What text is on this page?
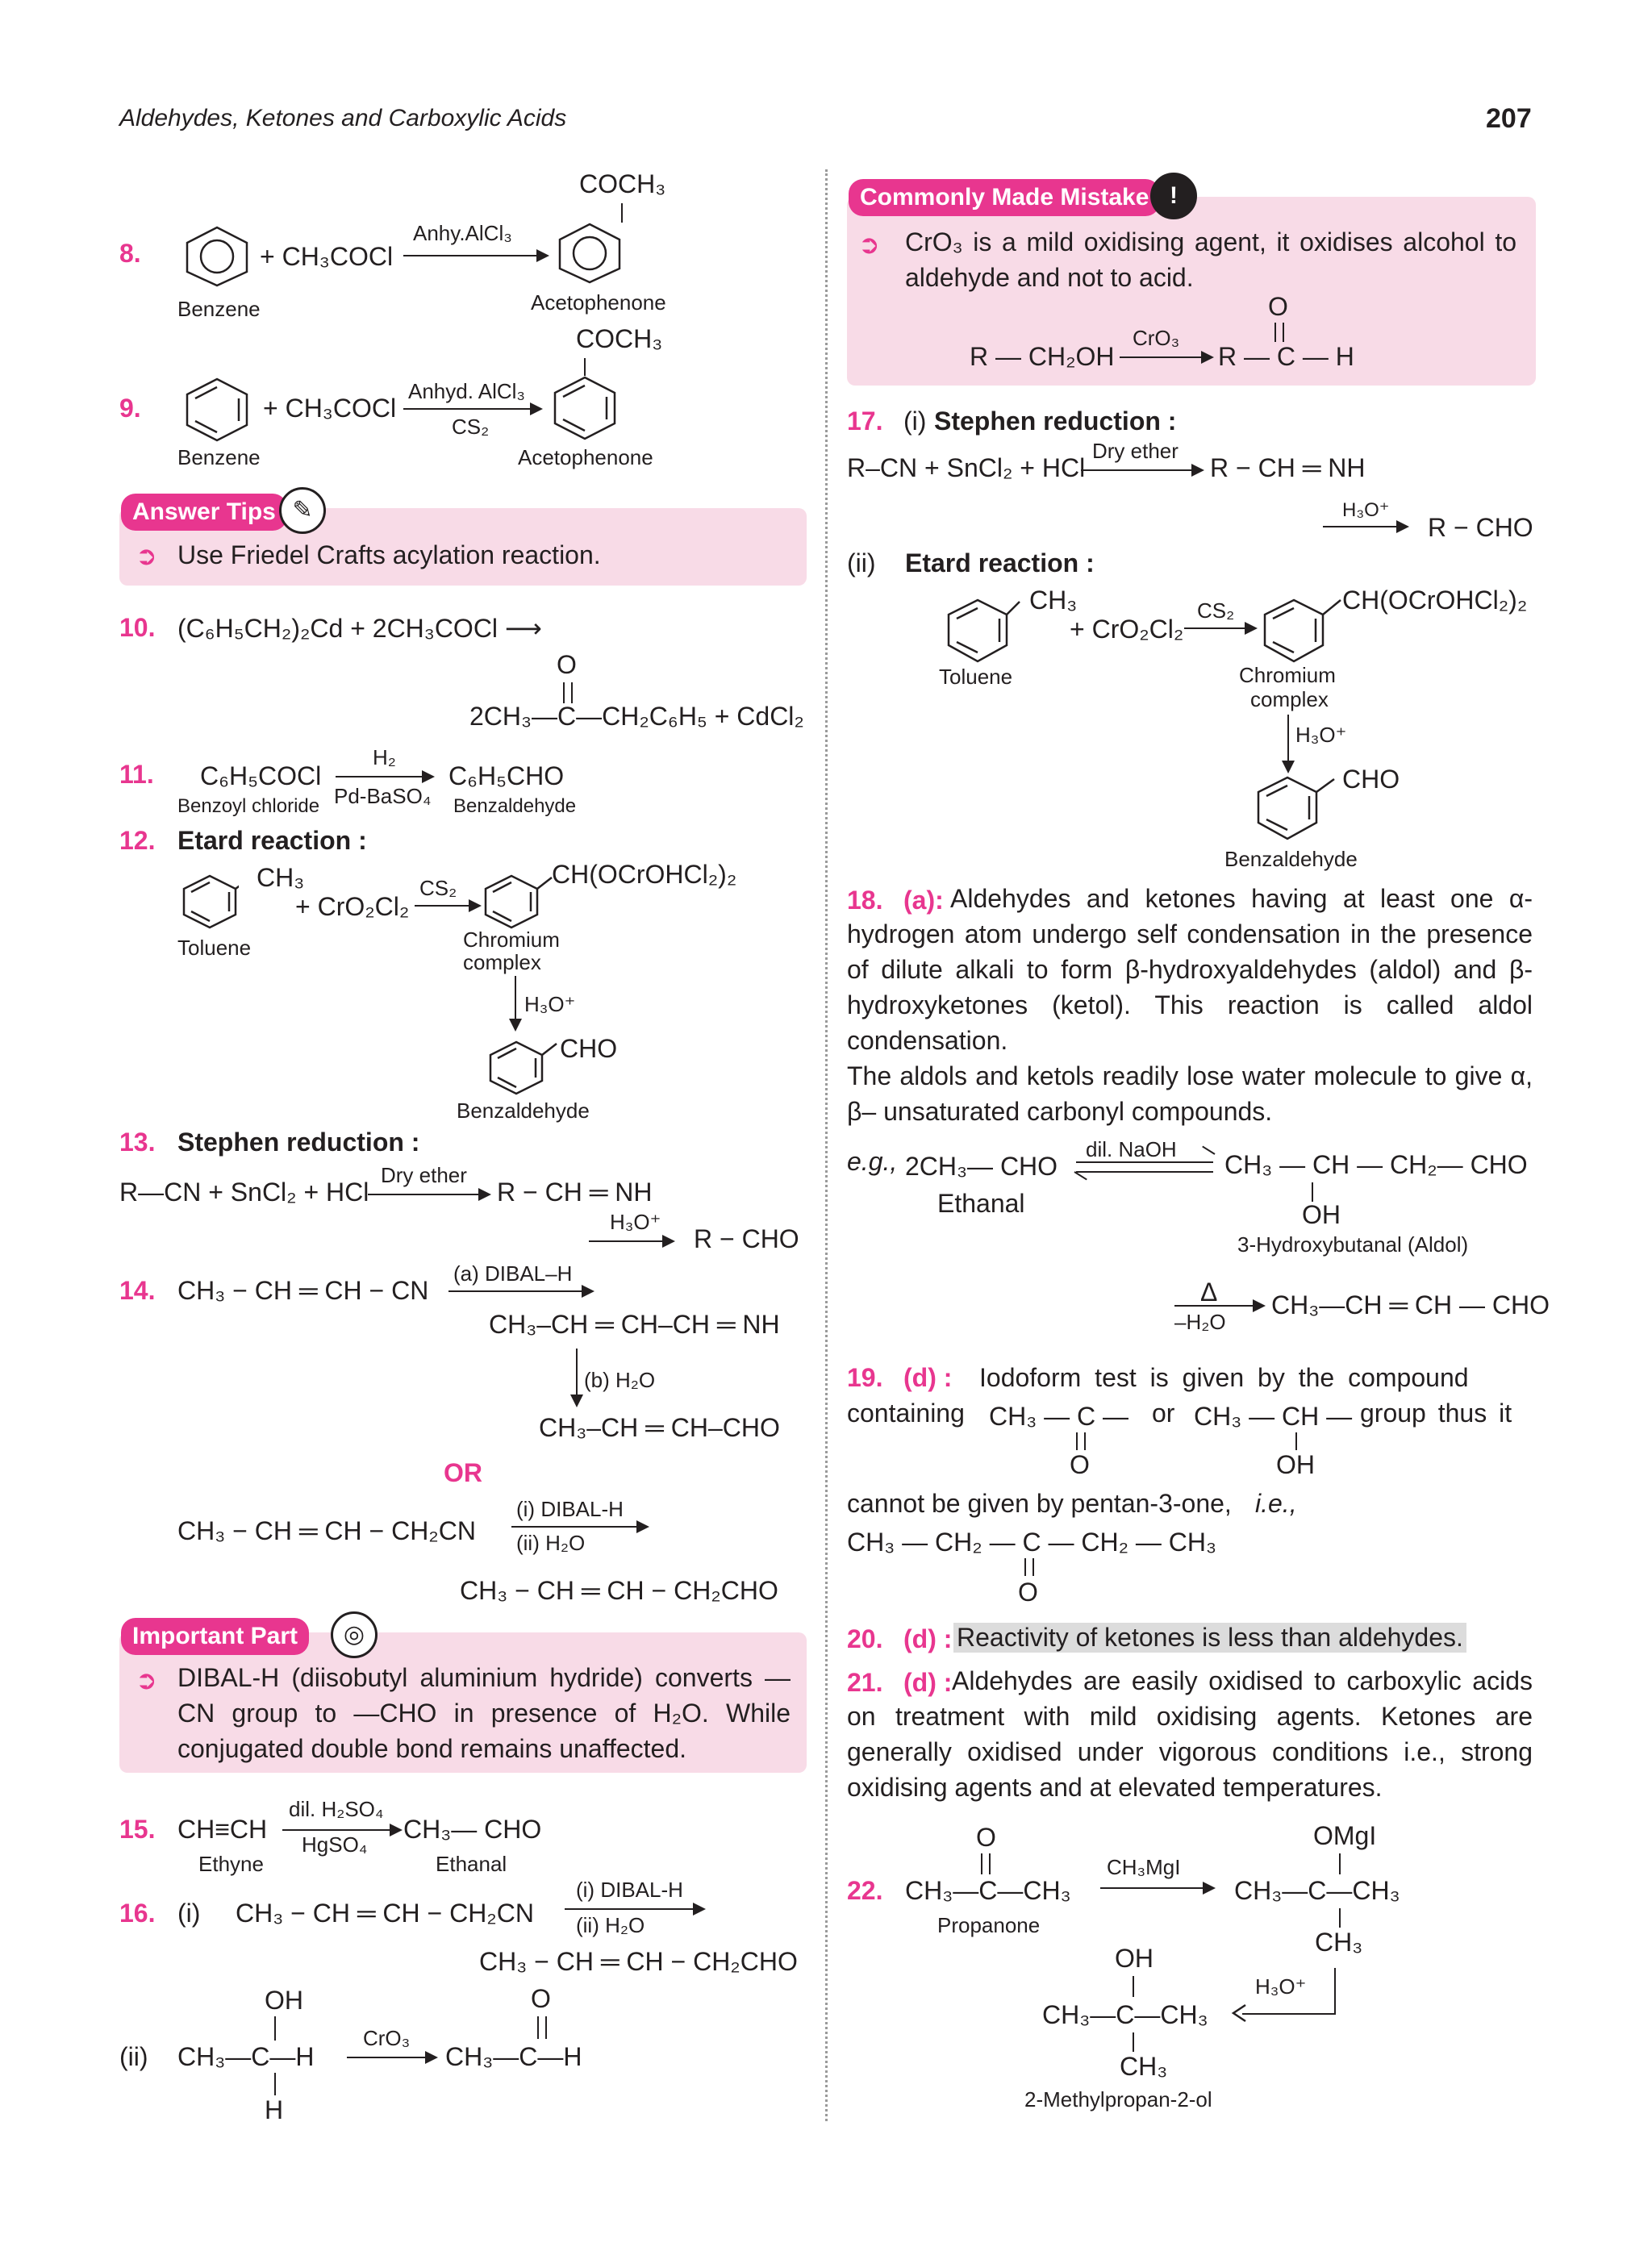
Aldehydes, Ketones and Carboxylic Acids	207
8.	+ CH₃COCl
Anhy.AlCl₃
COCH₃
Benzene	Acetophenone
9.	+ CH₃COCl
Anhyd. AlCl₃
CS₂
COCH₃
Benzene	Acetophenone
Answer Tips ✎
➲ Use Friedel Crafts acylation reaction.
10. (C₆H₅CH₂)₂Cd + 2CH₃COCl ⟶
O
2CH₃—C—CH₂C₆H₅ + CdCl₂
11. C₆H₅COCl
H₂
Pd-BaSO₄
C₆H₅CHO
Benzoyl chloride	Benzaldehyde
12. Etard reaction :
CH₃
+ CrO₂Cl₂
CS₂	CH(OCrOHCl₂)₂
Toluene	Chromium
complex
H₃O⁺
CHO
Benzaldehyde
13. Stephen reduction :
R—CN + SnCl₂ + HCl
Dry ether
R − CH ═ NH
H₃O⁺
R − CHO
14. CH₃ − CH ═ CH − CN
(a) DIBAL–H
CH₃–CH ═ CH–CH ═ NH
(b) H₂O
CH₃–CH ═ CH–CHO
OR
CH₃ − CH ═ CH − CH₂CN
(i) DIBAL-H
(ii) H₂O
CH₃ − CH ═ CH − CH₂CHO
Important Part	◎
➲ DIBAL-H (diisobutyl aluminium hydride) converts —CN group to —CHO in presence of H₂O. While conjugated double bond remains unaffected.
15. CH≡CH
dil. H₂SO₄
HgSO₄
CH₃— CHO
Ethyne	Ethanal
16. (i) CH₃ − CH ═ CH − CH₂CN
(i) DIBAL-H
(ii) H₂O
CH₃ − CH ═ CH − CH₂CHO
(ii)
OH
CH₃—C—H
H
CrO₃
O
CH₃—C—H
Commonly Made Mistake !
➲ CrO₃ is a mild oxidising agent, it oxidises alcohol to aldehyde and not to acid.
R — CH₂OH
CrO₃
O
R — C — H
17. (i) Stephen reduction :
R–CN + SnCl₂ + HCl
Dry ether
R − CH ═ NH
H₃O⁺
R − CHO
(ii) Etard reaction :
CH₃
+ CrO₂Cl₂
CS₂	CH(OCrOHCl₂)₂
Toluene	Chromium
complex
H₃O⁺
CHO
Benzaldehyde
18. (a): Aldehydes and ketones having at least one α-hydrogen atom undergo self condensation in the presence of dilute alkali to form β-hydroxyaldehydes (aldol) and β-hydroxyketones (ketol). This reaction is called aldol condensation.
The aldols and ketols readily lose water molecule to give α, β– unsaturated carbonyl compounds.
e.g., 2CH₃— CHO
dil. NaOH
Ethanal
CH₃ — CH — CH₂— CHO
OH
3-Hydroxybutanal (Aldol)
Δ
–H₂O
CH₃—CH ═ CH — CHO
19. (d) : Iodoform test is given by the compound
containing CH₃ — C —
O
or CH₃ — CH —
OH
group thus it
cannot be given by pentan-3-one, i.e.,
CH₃ — CH₂ — C — CH₂ — CH₃
O
20. (d) : Reactivity of ketones is less than aldehydes.
21. (d) : Aldehydes are easily oxidised to carboxylic acids on treatment with mild oxidising agents. Ketones are generally oxidised under vigorous conditions i.e., strong oxidising agents and at elevated temperatures.
22.
O
CH₃—C—CH₃
Propanone
CH₃MgI
OMgI
CH₃—C—CH₃
CH₃
H₃O⁺
OH
CH₃—C—CH₃
CH₃
2-Methylpropan-2-ol
